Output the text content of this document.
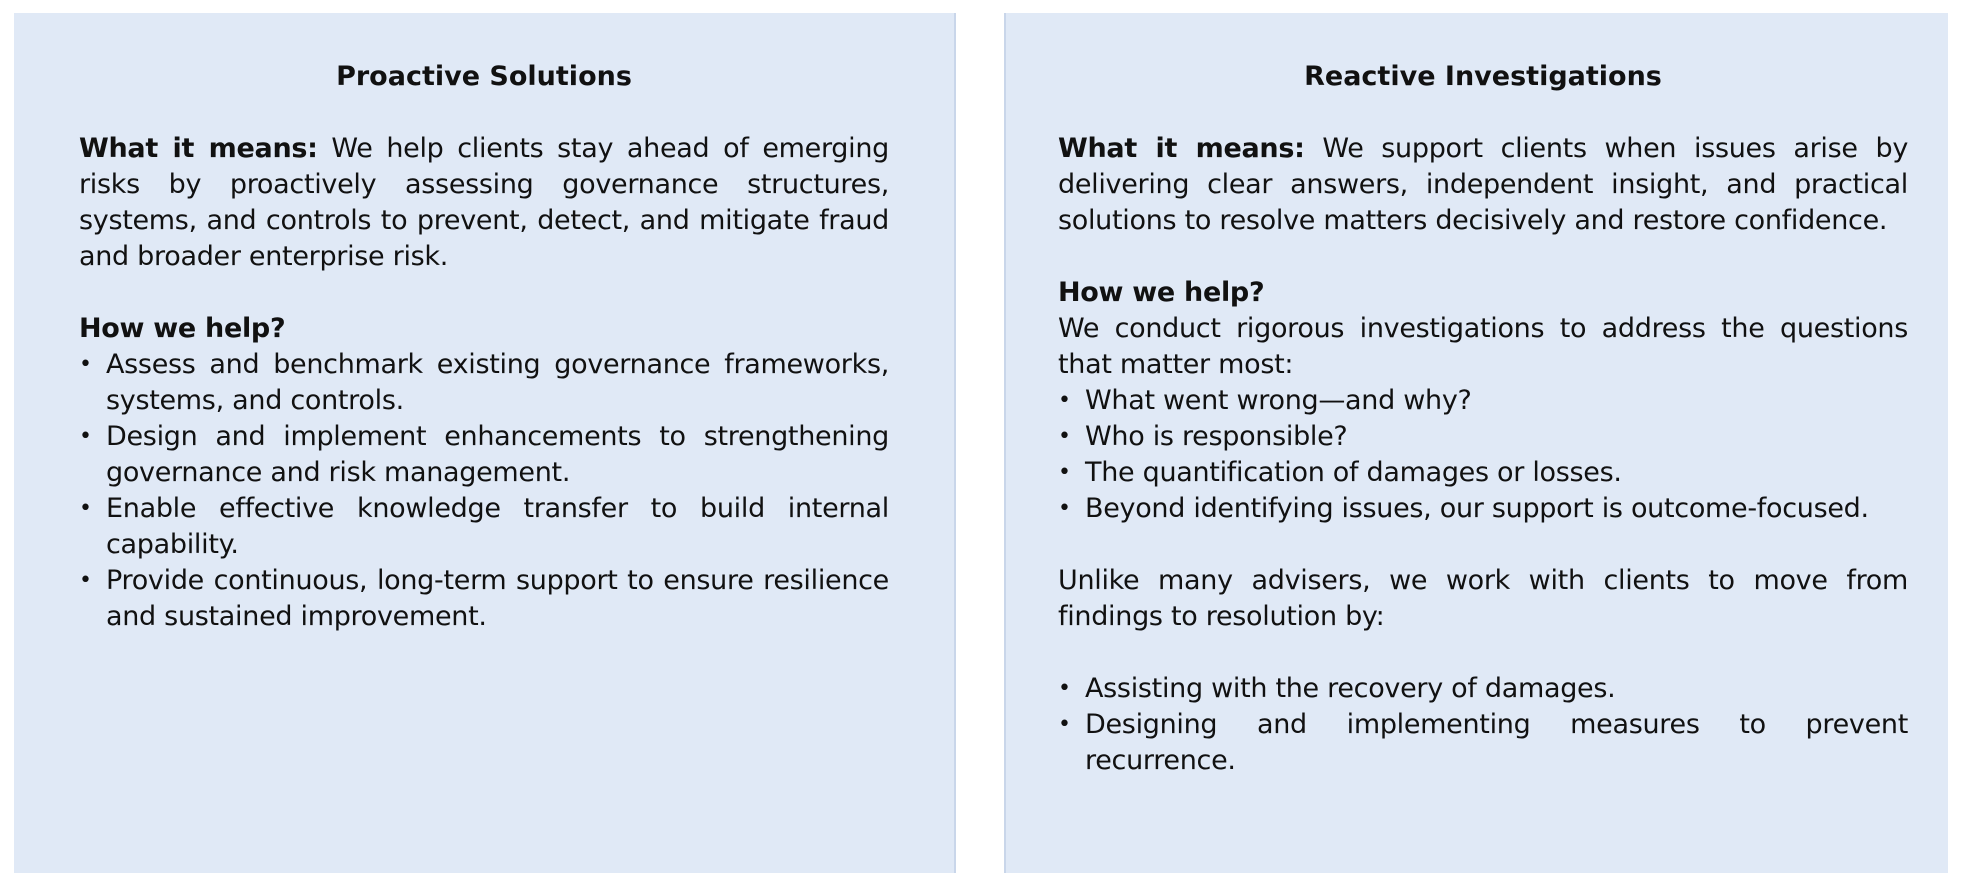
Proactive Solutions

What it means: We help clients stay ahead of emerging risks by proactively assessing governance structures, systems, and controls to prevent, detect, and mitigate fraud and broader enterprise risk.

How we help?
• Assess and benchmark existing governance frameworks, systems, and controls.
• Design and implement enhancements to strengthening governance and risk management.
• Enable effective knowledge transfer to build internal capability.
• Provide continuous, long-term support to ensure resilience and sustained improvement.
Reactive Investigations

What it means: We support clients when issues arise by delivering clear answers, independent insight, and practical solutions to resolve matters decisively and restore confidence.

How we help?

We conduct rigorous investigations to address the questions that matter most:

• What went wrong—and why?
• Who is responsible?
• The quantification of damages or losses.
• Beyond identifying issues, our support is outcome-focused.

Unlike many advisers, we work with clients to move from findings to resolution by:

• Assisting with the recovery of damages.
• Designing and implementing measures to prevent recurrence.
